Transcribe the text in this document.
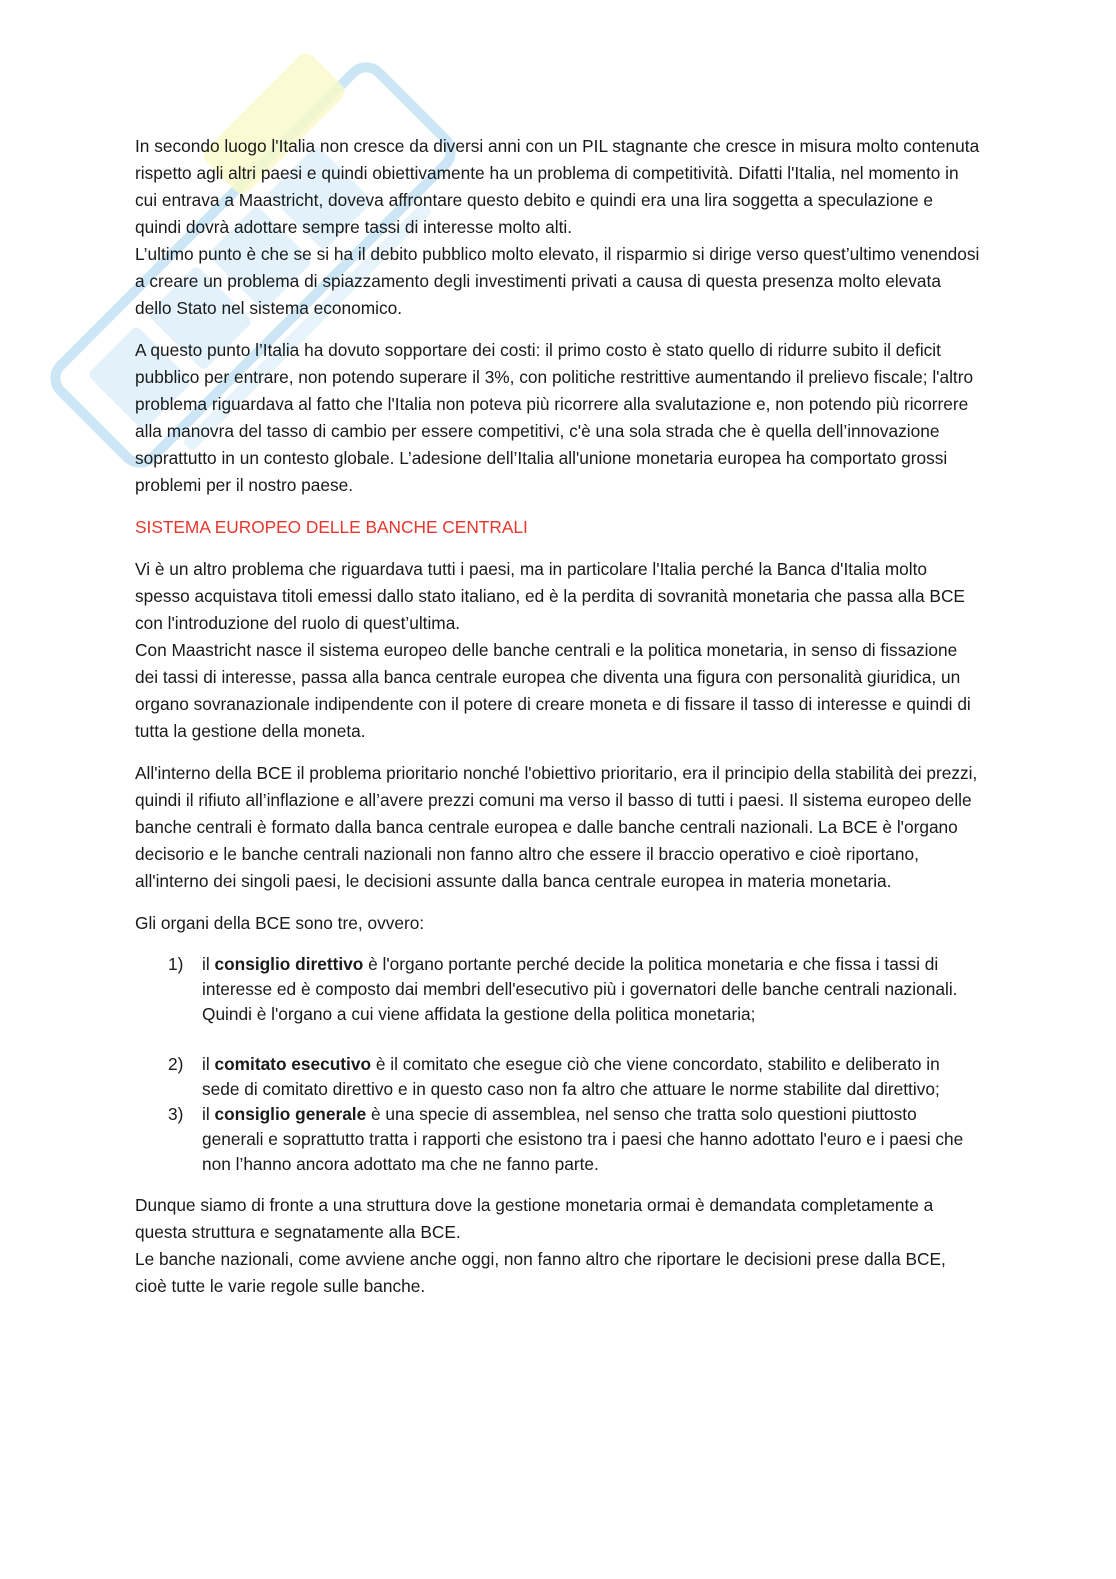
In secondo luogo l'Italia non cresce da diversi anni con un PIL stagnante che cresce in misura molto contenuta rispetto agli altri paesi e quindi obiettivamente ha un problema di competitività. Difatti l'Italia, nel momento in cui entrava a Maastricht, doveva affrontare questo debito e quindi era una lira soggetta a speculazione e quindi dovrà adottare sempre tassi di interesse molto alti.
L’ultimo punto è che se si ha il debito pubblico molto elevato, il risparmio si dirige verso quest’ultimo venendosi a creare un problema di spiazzamento degli investimenti privati a causa di questa presenza molto elevata dello Stato nel sistema economico.

A questo punto l’Italia ha dovuto sopportare dei costi: il primo costo è stato quello di ridurre subito il deficit pubblico per entrare, non potendo superare il 3%, con politiche restrittive aumentando il prelievo fiscale; l'altro problema riguardava al fatto che l'Italia non poteva più ricorrere alla svalutazione e, non potendo più ricorrere alla manovra del tasso di cambio per essere competitivi, c'è una sola strada che è quella dell’innovazione soprattutto in un contesto globale. L’adesione dell’Italia all'unione monetaria europea ha comportato grossi problemi per il nostro paese.

SISTEMA EUROPEO DELLE BANCHE CENTRALI

Vi è un altro problema che riguardava tutti i paesi, ma in particolare l'Italia perché la Banca d'Italia molto spesso acquistava titoli emessi dallo stato italiano, ed è la perdita di sovranità monetaria che passa alla BCE con l'introduzione del ruolo di quest’ultima.
Con Maastricht nasce il sistema europeo delle banche centrali e la politica monetaria, in senso di fissazione dei tassi di interesse, passa alla banca centrale europea che diventa una figura con personalità giuridica, un organo sovranazionale indipendente con il potere di creare moneta e di fissare il tasso di interesse e quindi di tutta la gestione della moneta.

All'interno della BCE il problema prioritario nonché l'obiettivo prioritario, era il principio della stabilità dei prezzi, quindi il rifiuto all’inflazione e all’avere prezzi comuni ma verso il basso di tutti i paesi. Il sistema europeo delle banche centrali è formato dalla banca centrale europea e dalle banche centrali nazionali. La BCE è l'organo decisorio e le banche centrali nazionali non fanno altro che essere il braccio operativo e cioè riportano, all'interno dei singoli paesi, le decisioni assunte dalla banca centrale europea in materia monetaria.

Gli organi della BCE sono tre, ovvero:

1) il consiglio direttivo è l'organo portante perché decide la politica monetaria e che fissa i tassi di interesse ed è composto dai membri dell'esecutivo più i governatori delle banche centrali nazionali. Quindi è l'organo a cui viene affidata la gestione della politica monetaria;
2) il comitato esecutivo è il comitato che esegue ciò che viene concordato, stabilito e deliberato in sede di comitato direttivo e in questo caso non fa altro che attuare le norme stabilite dal direttivo;
3) il consiglio generale è una specie di assemblea, nel senso che tratta solo questioni piuttosto generali e soprattutto tratta i rapporti che esistono tra i paesi che hanno adottato l'euro e i paesi che non l’hanno ancora adottato ma che ne fanno parte.

Dunque siamo di fronte a una struttura dove la gestione monetaria ormai è demandata completamente a questa struttura e segnatamente alla BCE.
Le banche nazionali, come avviene anche oggi, non fanno altro che riportare le decisioni prese dalla BCE, cioè tutte le varie regole sulle banche.
